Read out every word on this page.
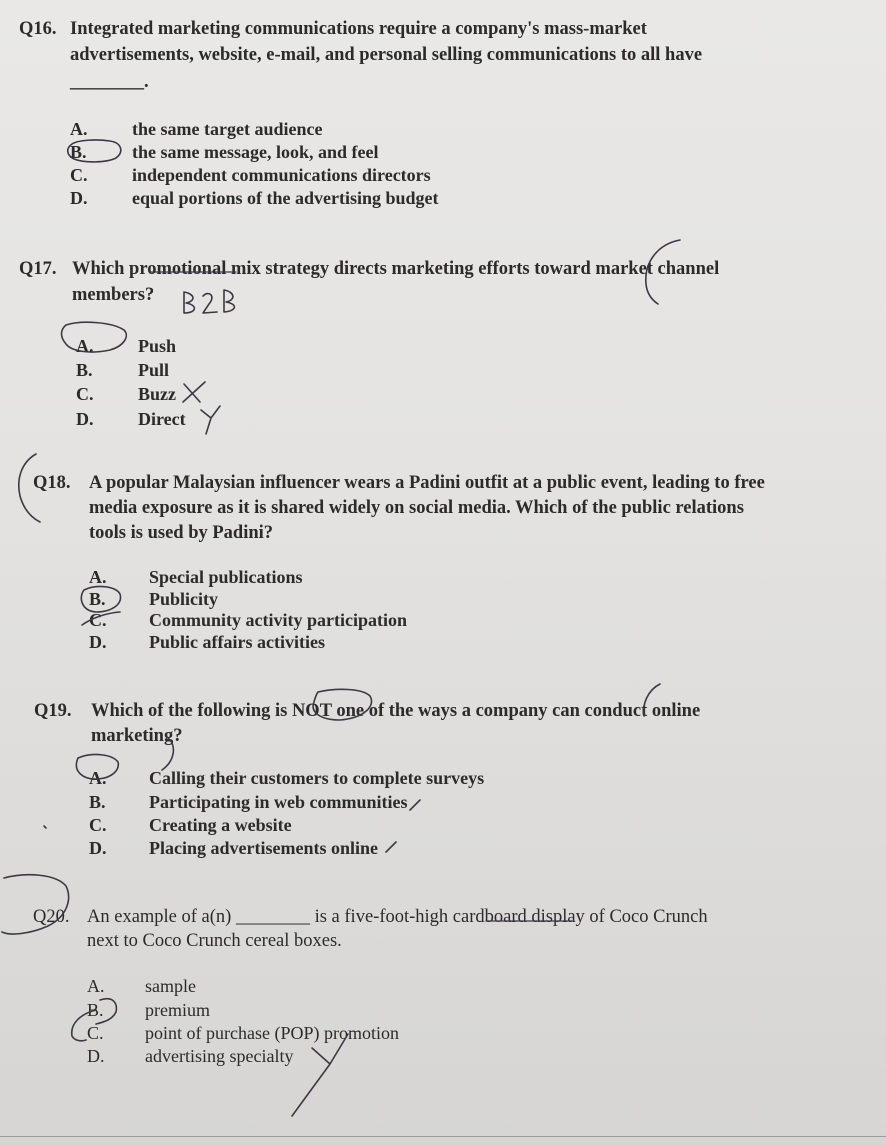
Q16. Integrated marketing communications require a company's mass-market
advertisements, website, e-mail, and personal selling communications to all have
________.
A. the same target audience
B.	the same message, look, and feel
C. independent communications directors
D. equal portions of the advertising budget
Q17. Which promotional mix strategy directs marketing efforts toward market channel
members?
A. Push
B.	Pull
C. Buzz
D. Direct
Q18. A popular Malaysian influencer wears a Padini outfit at a public event, leading to free
media exposure as it is shared widely on social media. Which of the public relations
tools is used by Padini?
A. Special publications
B. Publicity
C. Community activity participation
D. Public affairs activities
Q19. Which of the following is NOT one of the ways a company can conduct online
marketing?
A. Calling their customers to complete surveys
B. Participating in web communities
C. Creating a website
D. Placing advertisements online
Q20. An example of a(n) ________ is a five-foot-high cardboard display of Coco Crunch
next to Coco Crunch cereal boxes.
A. sample
B. premium
C. point of purchase (POP) promotion
D. advertising specialty
